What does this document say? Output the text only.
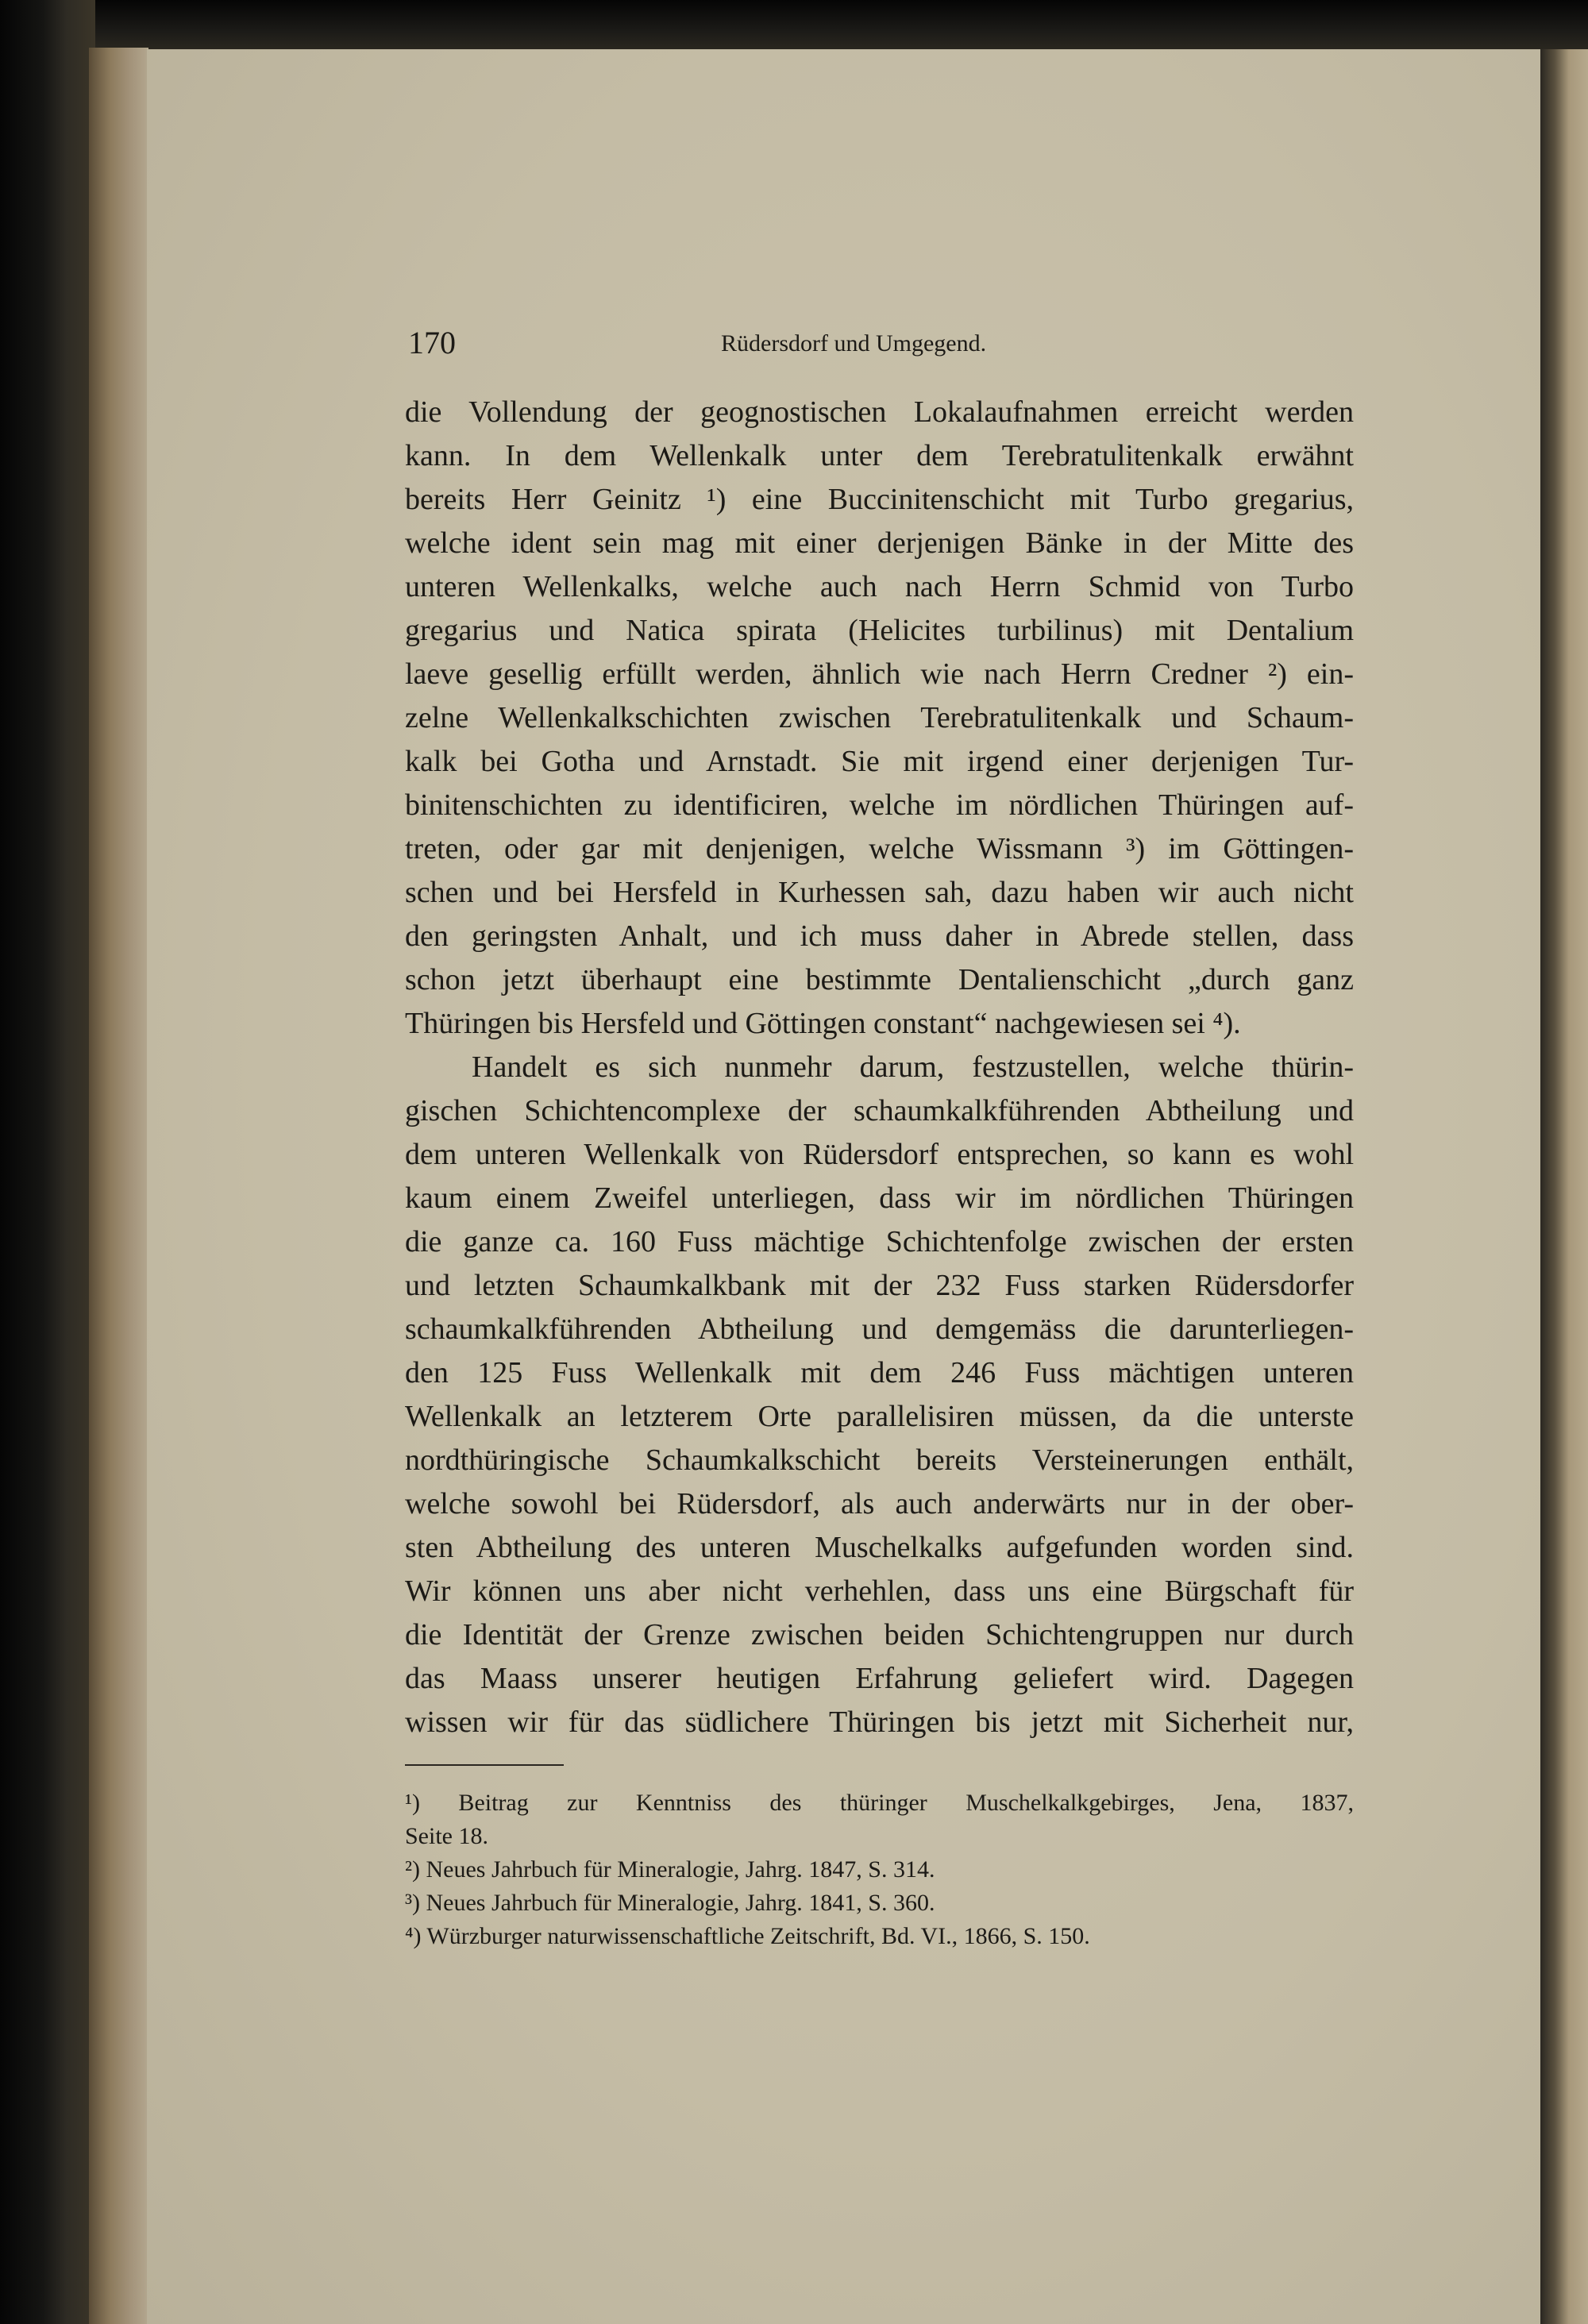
170	Rüdersdorf und Umgegend.
die Vollendung der geognostischen Lokalaufnahmen erreicht werden
kann. In dem Wellenkalk unter dem Terebratulitenkalk erwähnt
bereits Herr Geinitz ¹) eine Buccinitenschicht mit Turbo gregarius,
welche ident sein mag mit einer derjenigen Bänke in der Mitte des
unteren Wellenkalks, welche auch nach Herrn Schmid von Turbo
gregarius und Natica spirata (Helicites turbilinus) mit Dentalium
laeve gesellig erfüllt werden, ähnlich wie nach Herrn Credner ²) ein-
zelne Wellenkalkschichten zwischen Terebratulitenkalk und Schaum-
kalk bei Gotha und Arnstadt. Sie mit irgend einer derjenigen Tur-
binitenschichten zu identificiren, welche im nördlichen Thüringen auf-
treten, oder gar mit denjenigen, welche Wissmann ³) im Göttingen-
schen und bei Hersfeld in Kurhessen sah, dazu haben wir auch nicht
den geringsten Anhalt, und ich muss daher in Abrede stellen, dass
schon jetzt überhaupt eine bestimmte Dentalienschicht „durch ganz
Thüringen bis Hersfeld und Göttingen constant“ nachgewiesen sei ⁴).
Handelt es sich nunmehr darum, festzustellen, welche thürin-
gischen Schichtencomplexe der schaumkalkführenden Abtheilung und
dem unteren Wellenkalk von Rüdersdorf entsprechen, so kann es wohl
kaum einem Zweifel unterliegen, dass wir im nördlichen Thüringen
die ganze ca. 160 Fuss mächtige Schichtenfolge zwischen der ersten
und letzten Schaumkalkbank mit der 232 Fuss starken Rüdersdorfer
schaumkalkführenden Abtheilung und demgemäss die darunterliegen-
den 125 Fuss Wellenkalk mit dem 246 Fuss mächtigen unteren
Wellenkalk an letzterem Orte parallelisiren müssen, da die unterste
nordthüringische Schaumkalkschicht bereits Versteinerungen enthält,
welche sowohl bei Rüdersdorf, als auch anderwärts nur in der ober-
sten Abtheilung des unteren Muschelkalks aufgefunden worden sind.
Wir können uns aber nicht verhehlen, dass uns eine Bürgschaft für
die Identität der Grenze zwischen beiden Schichtengruppen nur durch
das Maass unserer heutigen Erfahrung geliefert wird. Dagegen
wissen wir für das südlichere Thüringen bis jetzt mit Sicherheit nur,
¹) Beitrag zur Kenntniss des thüringer Muschelkalkgebirges, Jena, 1837,
Seite 18.
²) Neues Jahrbuch für Mineralogie, Jahrg. 1847, S. 314.
³) Neues Jahrbuch für Mineralogie, Jahrg. 1841, S. 360.
⁴) Würzburger naturwissenschaftliche Zeitschrift, Bd. VI., 1866, S. 150.
